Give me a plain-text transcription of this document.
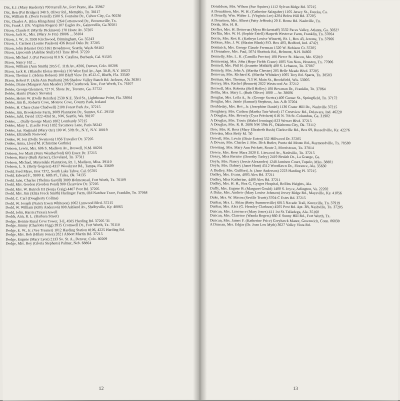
Dix, E.J. (Mary Hardesty) 700 Farrell Av., Fort Payne, Ala. 35967
Dix, Ben (Pat Bridges) 348 S. Oliver Rd., Memphis, Tn. 38117
Dix, William B. (Doris Ferrell) 1500 S. Fontaine Dr., Culver City, Ca. 90230
Dix, Charles A. (Elsa Klingshirn) 1264 Cottonwood Dr., Brownsville, Tx.
Dix, Frank J. (Dr. Virginia Rogers) 107 Eagles Av., Gainesville, Ga 30501
Dixon, Claude P. (Myrtle Dickinson) 170 Hoste Av. 37205
Dixon, Jack K., Mrs. (Mary Jo Fry) 19006 ... 38104
Dixon, J. W., Jr. 3508 Kirchwood, Birmingham, Ga. 35243
Dixon, J. Carmon (Louise Paulson) 436 Royal Oaks Dr. 37205
Dixon, John (Harriet Orr) 3161 Broadmoor, Seattle, Wash. 98102
Dixon, Lipscomb (Adeline Stull) 813 Tyne Blvd. 37220
Dixon, Michael J. (Pat Peerson) 818 N. Catalina, Burbank, Cal. 91505
Dixon, Nancy 162 ...
Dixon, William (Ann Smith) 2055 C. 11th Av., #206, Denver, Colo. 80206
Dixon, Jack K. (Blanche Eloise Brooks) 170 West End Av., Apt. 30-B, N.Y. 10023
Dixon, Thomas J. (Adena Robson) 100 Bluff View Dr. #512-C, Bluffs, Fla. 33540
Dixon, Robert P. (Julia Ann Dunham) 286 Shadow Valley Ranch Rd. Jackson, Ala. 36301
Dobbs, Diane (Margaret Ann Meador) 3709 Crestbrook Terr., Fort Worth, Tx. 76107
Dobbs, George Glenmon, 727 N. Shore Dr., Toronto, Ga. 37722
Dobbs, Harris (Nancy Stevens)
Dobbs, Henry W. (Dolly Reisifer) 2530 N.E. 33rd St., Lighthouse Point, Fla. 33064
Dobbs, Jim B., Roberts Cove, Monroe Cove, County Park, Ireland
Dobbs, H. Chase (Jane Chadwell) 2108 Forest Park Av., 37215
Dobbs, Jim, Brookstone Farm, 3009 Plantation Dr., Sumter, S.C. 29150
Dobbs, Juhl, David 1322-43rd St., NW, Seattle, Wa. 98107
Dobbs, ... (Sally George Marr) 1802 Lombardy 37215
Dobbs, Mary L. (Leslie Fox) 1832 Sycamore Lane, Paris 38242
Dobbs, Jas. Reginald (Mary Orr) 100 W. 57th St., N.Y., N.Y. 10019
Dobbs, Elizabeth Norwood
Dobbs, W. Jon (Dolly Swenson) 1856 Travalier Dr. 37205
Dobbs, Anna, Lloyd M. (Christine Guthrie)
Dobson, Lewis, Mrs. 606 S. Madison Av., Roswell, N.M. 88201
Dobson, Joe Marti (Peny Weatherford) 603 Essex Dr. 37215
Dobson, Harry (Ruth Ayrner), Cleveland, Tn. 37311
Dobson, Michael, Mayendale Plantation, Rt. 1, Madison, Miss. 39110
Dobson, L. S. (Betty Gogerer) 4317 Woodcrest Rd., Tampa, Fla. 33609
Dodd, Fred Mayo, Box 7372, South Lake Tahoe, Cal. 95705
Dodd, Edward F., 9000 E. 68th Pl., Tulsa, Ok. 74135
Dodd, Jane, Charles (Thelma Gastill) 3809 Holmestead, Fort Worth, Tx. 76109
Dodd, Mrs. Gordon (Gordon Pond) 900 Clearview Dr. 37205
Dodd, Mrs. W. Butrick III (Sonja Craig) 4407 Post Rd. 37205
Dodd, Mrs. Jim (Eliza Freck Smith) Harlinger Farm, Old Natchez Trace, Franklin, Tn. 37064
Dodd, C. Carl (Dougherty Collins)
Dodd, W. Joseph (Nancy Ewen Whiteson) 1062 Lynwood Blvd. 37215
Dodd, W. William (Kitty Anderson) 808 Ashland Av., Shelbyville, Ky. 40065
Dodd, John, Harris (Texas) Jewell
Dodds, Ann, R. L. (Barbara Street)
Dodge, Bonnie Rural Cove Tower, 3-E, 4505 Harding Rd. 37205 '31
Dodge, Jimmy (Charlotte Figg) 3915 Cromwell Dr., Fort Worth, Tx. 76110
Dodge, E. W., Jr. (Vee Treaner) 1012 Harding Station #106, 4225 Harding Rd.
Dodge, Mrs. Rob (Hilary Jones) 2821 Abbott Martin Rd. 37215
Dodge, Eugene (Mary Lyon) 2133 So. St. A., Denver, Colo. 80209
Dodge, Mrs. Roy (Gloria Stephens) Palmer, Neb. 68864
12
Donaldson, Mrs. Wilson (Sue Squires) 1112 Sylvan Ridge Rd. 37215
A Donaldson, Mrs. W. H. (Catherine Salzgaber) 1105 Jersey St., Eureka, Ca.
A Donelly, Wm. Walter L. (Virginia Lee) 4204 Bolen Hill Rd. 37205
A Donelson, Mrs. Albert (Patty Jeffords) 20 E. Rome Rd. Nashville, Tn.
Dorak, Mrs. H. R.
Dorfler, Mrs. H. Donovan (Myra Bickerstaff) 3532 Paces Valley, Atlanta, Ga. 30327
Dorflin, Mrs. W. H. (Sophie Estell) Harpeth Westover Farm, Franklin, Tn. 37064
Dorris, Mrs. Rox K. (Kathryn Louise Winsett), Rt. 1, Box 43, Jerome, Tn. 37966
Dollens, Mrs. J. W. (Maxim Blank) P.O. Box 403, Bedford, Ind. 47421
Dominick, Mrs. George Claude Freeman 1520 W. Robison Cr. 37205
A Donnahoe, Mrs. Paul, 5074 Shattuck Rd., Belmont, N.H. 04802
Donnelly, Mrs. L. K. (Camilla Proctor) 108 Pierce St. Macon, Mo. 65010
Donnerstag, Mrs. John (Hope Fields Crane) 1805 Van Ness, Houston, Tx. 77006
Donnell, Mrs. Phil H. (Jeanette Midkiff) 400 S. Lebanon, Tn. 37087
Donnely, Mrs. John A. (Martha Chester) 205 Belle Meade Blvd. 37205
Donovan, Mrs. Richard K. (Martha Whitaker) 1005 Troy Rd. Sparta, Tn. 38583
Dorman, Mrs. Thomas, 713 W. Main St., Brookfield, Wis. 53005
Dorsey, Mrs. Rachel (Bennett) 2822 Westwood Av. 37212
Doswell, Mrs. Roberta (Bell Holley) 108 Bowman Dr., Franklin, Tn. 37064
Dottin, Mrs. Mary L. (Ruth Oliver) 1000 ... Av. 38606
Douglas, Mrs. Leila A., Sr. (George Swetra) 400 Garner St., Springfield, Tn. 37172
Douglas, Mrs. Jamie (Samuel) Stephens, Jan. A.& 37204
Doubleday, Mrs. Bev., Jr. (Josephine Daniel) 1136 Crater Hill Dr., Nashville 37215
Doughtery, Mrs. Carlton (Martha Tate Wood) 17 Crestview Rd., Delaware, Ind. 46220
A Douglas, Mrs. Beverly (Cyra Pritchett) 616 N. 7th St. Columbus, Ga. 31902
A Douglas, Mrs. Travis (Mabel Jennings) 823 Wesser Blvd. 37215
A Douglas, Mrs. R. R. 2606 NW 59th Pl., Oklahoma City, Ok. 73112
Dow, Mrs. R. Ross (Mary Elizabeth Rush) Clarksville Rd., Box 69, Russellville, Ky. 42276
Dowden, Miss Betty M. '50
Dowell, Mrs. Lewin (Dixie Eaton) 552 Hillwood Dr. 37205
A Downs, Mrs. Charles J. Mrs. Dick Butler, Punta del Monte Rd., Raymondville, Tx. 78580
Downing, Mrs. Mary Ann Prickett, Route 2, Morristown, Tn. 37814
Dowse, Mrs. Rose Marx 2820 E. Linwood Av., Nashville, Tn. 37215
Doxey, Miss Bernice (Dorothy Tarley) 2419 Beulah Dr., La Grange, Ga.
Doyle, Mrs. Nancy (Jessie Alexander) 1248 Jamison Court, Tupelo, Miss. 38801
Doyle, Mrs. Dabney (Janet Hunt) 4512 Woodlawn Dr., Florence, Ala. 35630
A Dudley, Mrs. Guilford, Jr. (Jane Anderson) 2223 Harding Pl. 37215
Dudley, Mrs. Evans, 4005 Alex Rd. 37211
Dudley, Miss Katherine, 4400 Alex Rd. 37211
Dudley, Mrs. H. H., Box G, Gyrgos Hospital, Rollins Heights, Ala.
Duffy, Mrs. Eugene B. (Margaret Gould) 1400 S. Joyce, Arlington, Va. 22202
A Duke, Mrs. Andrew (Mary Louise Johnson) Jersey Ridge Rd., Maysville, Ky. 41056
Duke, Mrs. W. Mason (Seville Truett) 3704-C Estes Rd. 37215
Dunbar, Mrs. L. Brian (Betty Summerville) 6015 Nacado Trail, Knoxville, Tn. 37919
Dunbar, Mrs. Alex (G. Hensley Clarkson) 4505 Post Rd. Apt. 3B, Nashville, Tn. 37205
Duncan, Mrs. Lawrence (Mary Jones) 411 1st St. Talladega, Ala. 35160
Duncan, Mrs. Clarence (Wanda Rogers) 660-E Sunny Hill Rd., Fort Worth, Tx.
Duncan, Mrs. James F. (Katherine Price) Greyhawk Manor, Greenwich, Conn. 06830
A Duncan, Mrs. Edgar (Dr. Joan Lou Myth) 3627 Valley Vista Rd.
13
